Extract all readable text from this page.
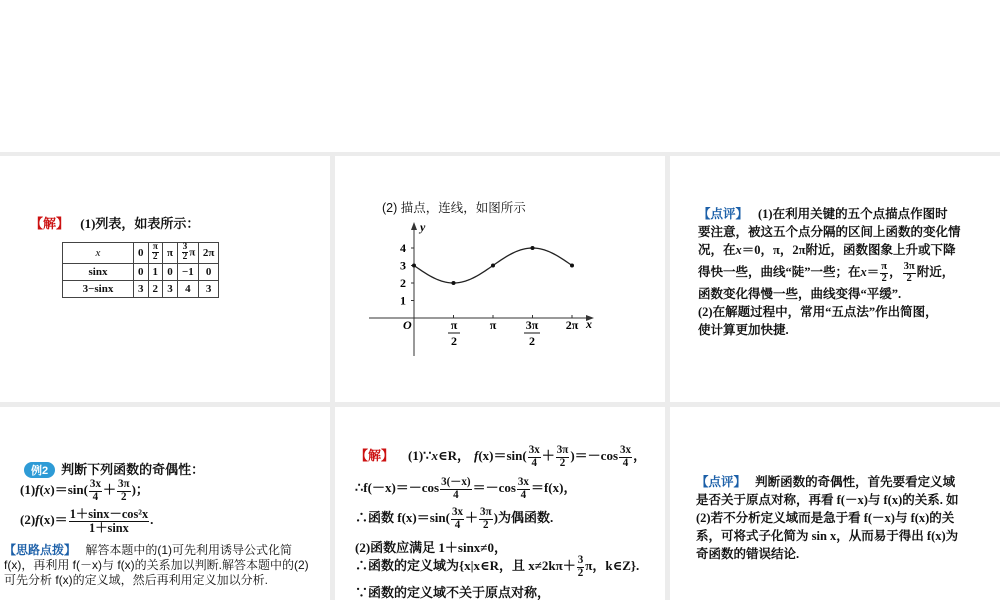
【解】 (1)列表，如表所示：
x	0	$\frac{\pi}{2}$	π	$\frac{3}{2}$ π	2π
sinx	0	1	0	−1	0
3−sinx	3	2	3	4	3
(2) 描点，连线，如图所示
y
x
O
4
3
2
1
π
2
π 3π
2
2π
【点评】 (1)在利用关键的五个点描点作图时
要注意，被这五个点分隔的区间上函数的变化情
况，在x＝0，π，2π附近，函数图象上升或下降
得快一些，曲线“陡”一些；在$x= \frac{\pi}{2}$ ， $\frac{3\pi}{2}$ 附近，
函数变化得慢一些，曲线变得“平缓”.
(2)在解题过程中，常用“五点法”作出简图，
使计算更加快捷.
例2 判断下列函数的奇偶性：
$(1)f(x)=\sin( \frac{3x}{4} + \frac{3\pi}{2}$ )；
$(2)f(x)= \frac{\text{1＋sinx－cos²x}}{1+\sin x}$ .
【思路点拨】 解答本题中的(1)可先利用诱导公式化简 f(x)，再利用 f(－x)与 f(x)的关系加以判断.解答本题中的(2)可先分析 f(x)的定义域，然后再利用定义加以分析.
【解】 (1)∵x∈R， $f(x)=\sin( \frac{3x}{4} + \frac{3\pi}{2} )=-\cos \frac{3x}{4}$ ，
∴f(－x)＝－cos $\frac{3(-x)}{4} =-\cos \frac{3x}{4} =f(x)$，
∴函数 $f(x)=\sin( \frac{3x}{4} + \frac{3\pi}{2}$ )为偶函数.
(2)函数应满足 1＋sinx≠0，
∴函数的定义域为{x|x∈R，且 $x\ne 2k\pi+ \frac{3}{2}$ π，k∈Z}.
∵函数的定义域不关于原点对称，
【点评】 判断函数的奇偶性，首先要看定义域是否关于原点对称，再看 f(－x)与 f(x)的关系. 如(2)若不分析定义域而是急于看 f(－x)与 f(x)的关系，可将式子化简为 sin x，从而易于得出 f(x)为奇函数的错误结论.
